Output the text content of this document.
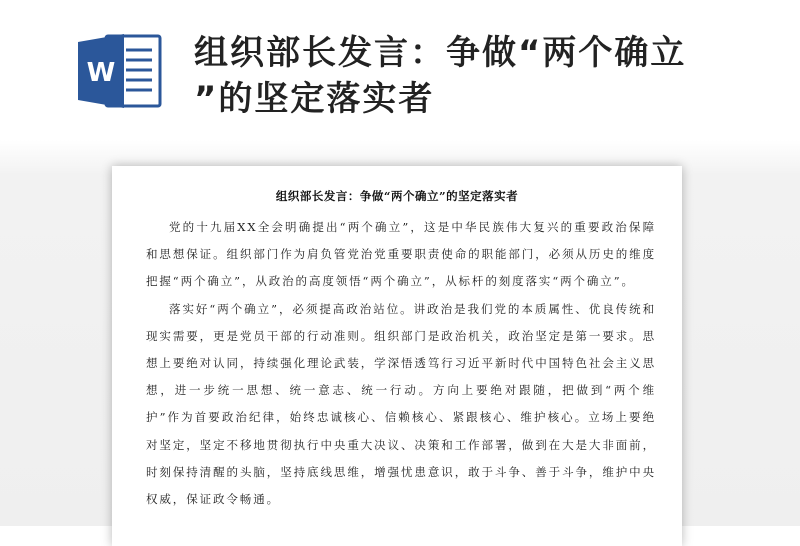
W 组织部长发言：争做“两个确立
”的坚定落实者
组织部长发言：争做“两个确立”的坚定落实者

党的十九届XX全会明确提出“两个确立”，这是中华民族伟大复兴的重要政治保障和思想保证。组织部门作为肩负管党治党重要职责使命的职能部门，必须从历史的维度把握“两个确立”，从政治的高度领悟“两个确立”，从标杆的刻度落实“两个确立”。

落实好“两个确立”，必须提高政治站位。讲政治是我们党的本质属性、优良传统和现实需要，更是党员干部的行动准则。组织部门是政治机关，政治坚定是第一要求。思想上要绝对认同，持续强化理论武装，学深悟透笃行习近平新时代中国特色社会主义思想，进一步统一思想、统一意志、统一行动。方向上要绝对跟随，把做到“两个维护”作为首要政治纪律，始终忠诚核心、信赖核心、紧跟核心、维护核心。立场上要绝对坚定，坚定不移地贯彻执行中央重大决议、决策和工作部署，做到在大是大非面前，时刻保持清醒的头脑，坚持底线思维，增强忧患意识，敢于斗争、善于斗争，维护中央权威，保证政令畅通。
